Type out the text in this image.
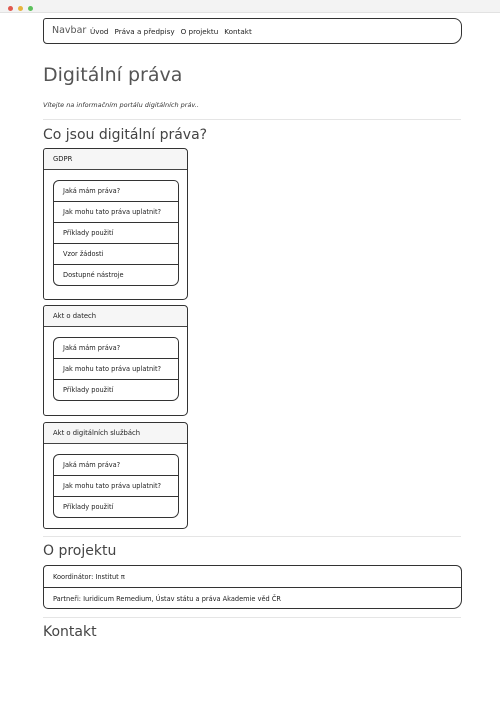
Navbar Úvod Práva a předpisy O projektu Kontakt
Digitální práva
Vítejte na informačním portálu digitálních práv..
Co jsou digitální práva?
GDPR
Jaká mám práva?
Jak mohu tato práva uplatnit?
Příklady použití
Vzor žádosti
Dostupné nástroje
Akt o datech
Jaká mám práva?
Jak mohu tato práva uplatnit?
Příklady použití
Akt o digitálních službách
Jaká mám práva?
Jak mohu tato práva uplatnit?
Příklady použití
O projektu
Koordinátor: Institut π
Partneři: Iuridicum Remedium, Ústav státu a práva Akademie věd ČR
Kontakt
